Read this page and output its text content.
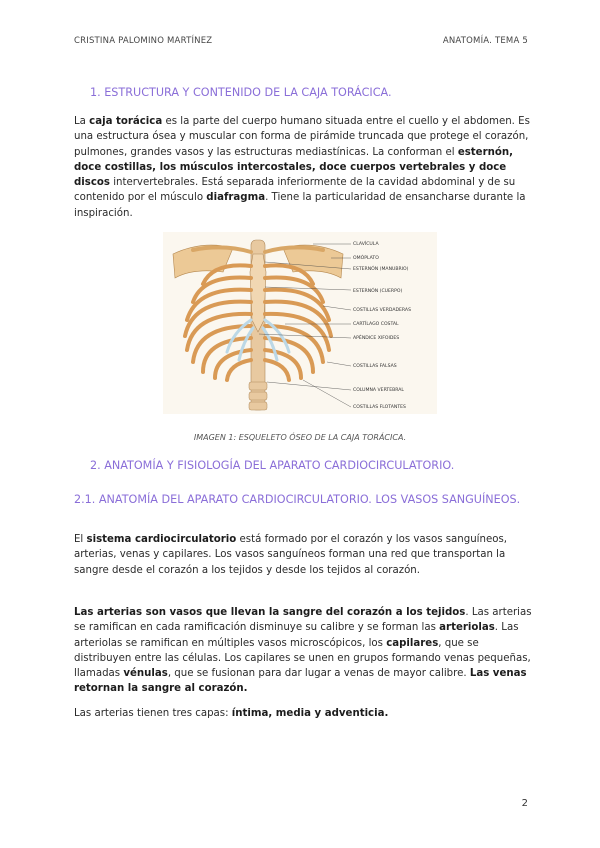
CRISTINA PALOMINO MARTÍNEZ	ANATOMÍA. TEMA 5
1. ESTRUCTURA Y CONTENIDO DE LA CAJA TORÁCICA.
La caja torácica es la parte del cuerpo humano situada entre el cuello y el abdomen. Es una estructura ósea y muscular con forma de pirámide truncada que protege el corazón, pulmones, grandes vasos y las estructuras mediastínicas. La conforman el esternón, doce costillas, los músculos intercostales, doce cuerpos vertebrales y doce discos intervertebrales. Está separada inferiormente de la cavidad abdominal y de su contenido por el músculo diafragma. Tiene la particularidad de ensancharse durante la inspiración.
CLAVÍCULA
OMÓPLATO
ESTERNÓN (MANUBRIO)
ESTERNÓN (CUERPO)
COSTILLAS VERDADERAS
CARTÍLAGO COSTAL
APÉNDICE XIFOIDES
COSTILLAS FALSAS
COLUMNA VERTEBRAL
COSTILLAS FLOTANTES
IMAGEN 1: ESQUELETO ÓSEO DE LA CAJA TORÁCICA.
2. ANATOMÍA Y FISIOLOGÍA DEL APARATO CARDIOCIRCULATORIO.
2.1. ANATOMÍA DEL APARATO CARDIOCIRCULATORIO. LOS VASOS SANGUÍNEOS.
El sistema cardiocirculatorio está formado por el corazón y los vasos sanguíneos, arterias, venas y capilares. Los vasos sanguíneos forman una red que transportan la sangre desde el corazón a los tejidos y desde los tejidos al corazón.
Las arterias son vasos que llevan la sangre del corazón a los tejidos. Las arterias se ramifican en cada ramificación disminuye su calibre y se forman las arteriolas. Las arteriolas se ramifican en múltiples vasos microscópicos, los capilares, que se distribuyen entre las células. Los capilares se unen en grupos formando venas pequeñas, llamadas vénulas, que se fusionan para dar lugar a venas de mayor calibre. Las venas retornan la sangre al corazón.
Las arterias tienen tres capas: íntima, media y adventicia.
2
